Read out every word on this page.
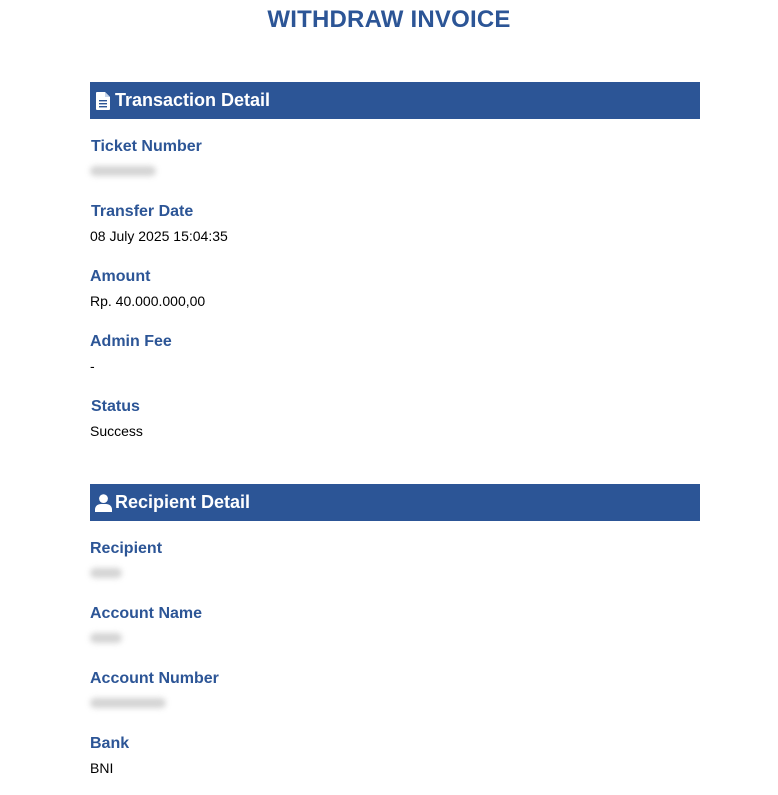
WITHDRAW INVOICE
Transaction Detail
Ticket Number
Transfer Date
08 July 2025 15:04:35
Amount
Rp. 40.000.000,00
Admin Fee
-
Status
Success
Recipient Detail
Recipient
Account Name
Account Number
Bank
BNI
